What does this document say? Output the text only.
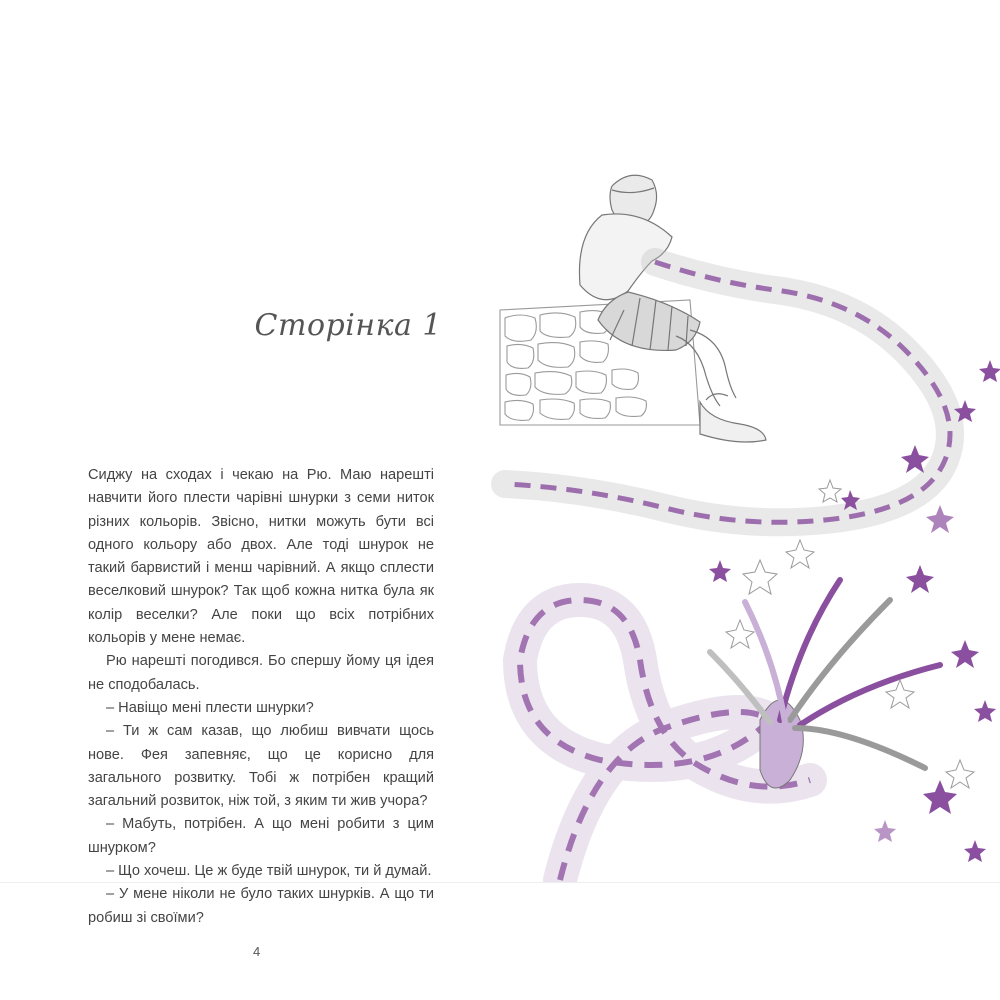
Сторінка 1

Сиджу на сходах і чекаю на Рю. Маю нарешті навчити його плести чарівні шнурки з семи ниток різних кольорів. Звісно, нитки можуть бути всі одного кольору або двох. Але тоді шнурок не такий барвистий і менш чарівний. А якщо сплести веселковий шнурок? Так щоб кожна нитка була як колір веселки? Але поки що всіх потрібних кольорів у мене немає.

Рю нарешті погодився. Бо спершу йому ця ідея не сподобалась.

– Навіщо мені плести шнурки?

– Ти ж сам казав, що любиш вивчати щось нове. Фея запевняє, що це корисно для загального розвитку. Тобі ж потрібен кращий загальний розвиток, ніж той, з яким ти жив учора?

– Мабуть, потрібен. А що мені робити з цим шнурком?

– Що хочеш. Це ж буде твій шнурок, ти й думай.

– У мене ніколи не було таких шнурків. А що ти робиш зі своїми?

4
